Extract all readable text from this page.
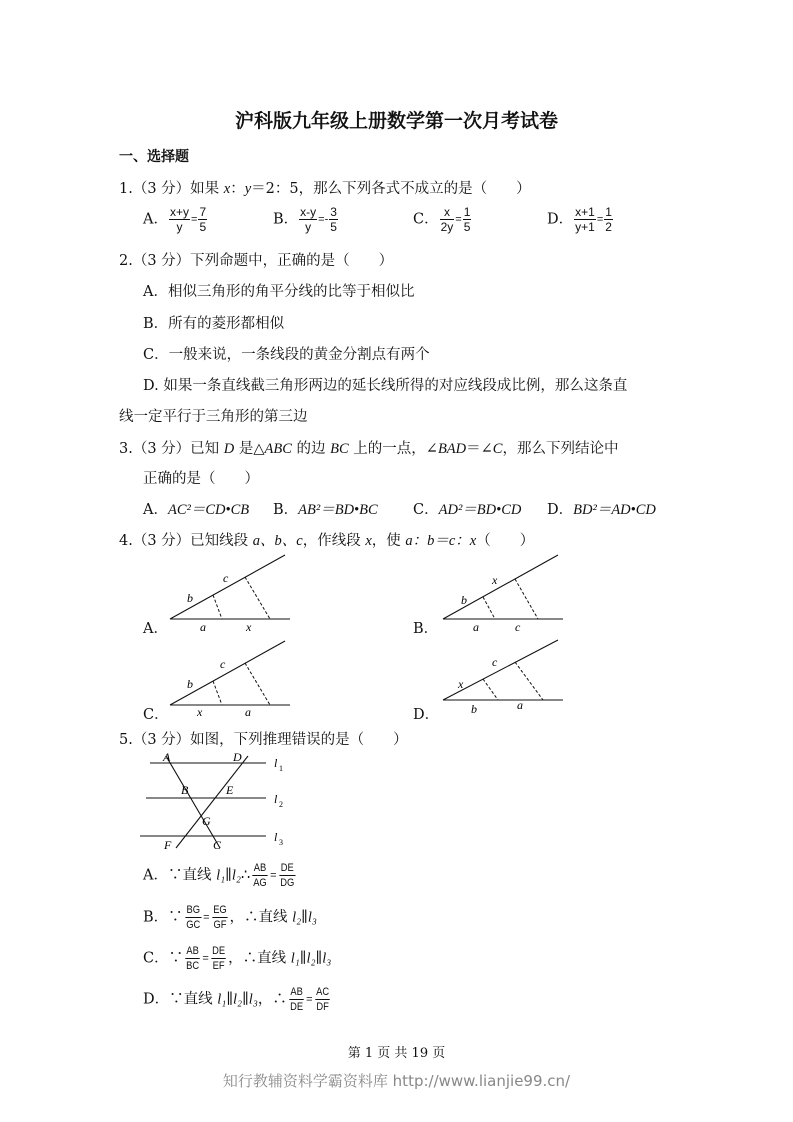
沪科版九年级上册数学第一次月考试卷
一、选择题
1.（3 分）如果 x：y＝2：5，那么下列各式不成立的是（　　）
A． $\frac{x+y}{y} = \frac{7}{5}$	B． $\frac{x-y}{y} =- \frac{3}{5}$	C． $\frac{x}{2y} = \frac{1}{5}$	D． $\frac{x+1}{y+1} = \frac{1}{2}$
2.（3 分）下列命题中，正确的是（　　）
A．相似三角形的角平分线的比等于相似比
B．所有的菱形都相似
C．一般来说，一条线段的黄金分割点有两个
D. 如果一条直线截三角形两边的延长线所得的对应线段成比例，那么这条直
线一定平行于三角形的第三边
3.（3 分）已知 D 是△ABC 的边 BC 上的一点，∠BAD＝∠C，那么下列结论中
正确的是（　　）
A．AC²＝CD•CB B．AB²＝BD•BC C．AD²＝BD•CD D．BD²＝AD•CD
4.（3 分）已知线段 a、b、c，作线段 x，使 a：b＝c：x（　　）
A．
c
b
a	x	B．
x
b
a	c
C．
c
b
x	a	D．
c
x
b	a
5.（3 分）如图，下列推理错误的是（　　）
A	D
B	E
G
F	C
l 1
l 2
l 3
A．∵直线 l₁∥l₂∴ $\frac{AB}{AG} = \frac{DE}{DG}$
B．∵ $\frac{BG}{GC} = \frac{EG}{GF}$ ，∴直线 l₂∥l₃
C．∵ $\frac{AB}{BC} = \frac{DE}{EF}$ ，∴直线 l₁∥l₂∥l₃
D．∵直线 l₁∥l₂∥l₃，∴ $\frac{AB}{DE} = \frac{AC}{DF}$
第 1 页 共 19 页
知行教辅资料学霸资料库 http://www.lianjie99.cn/
